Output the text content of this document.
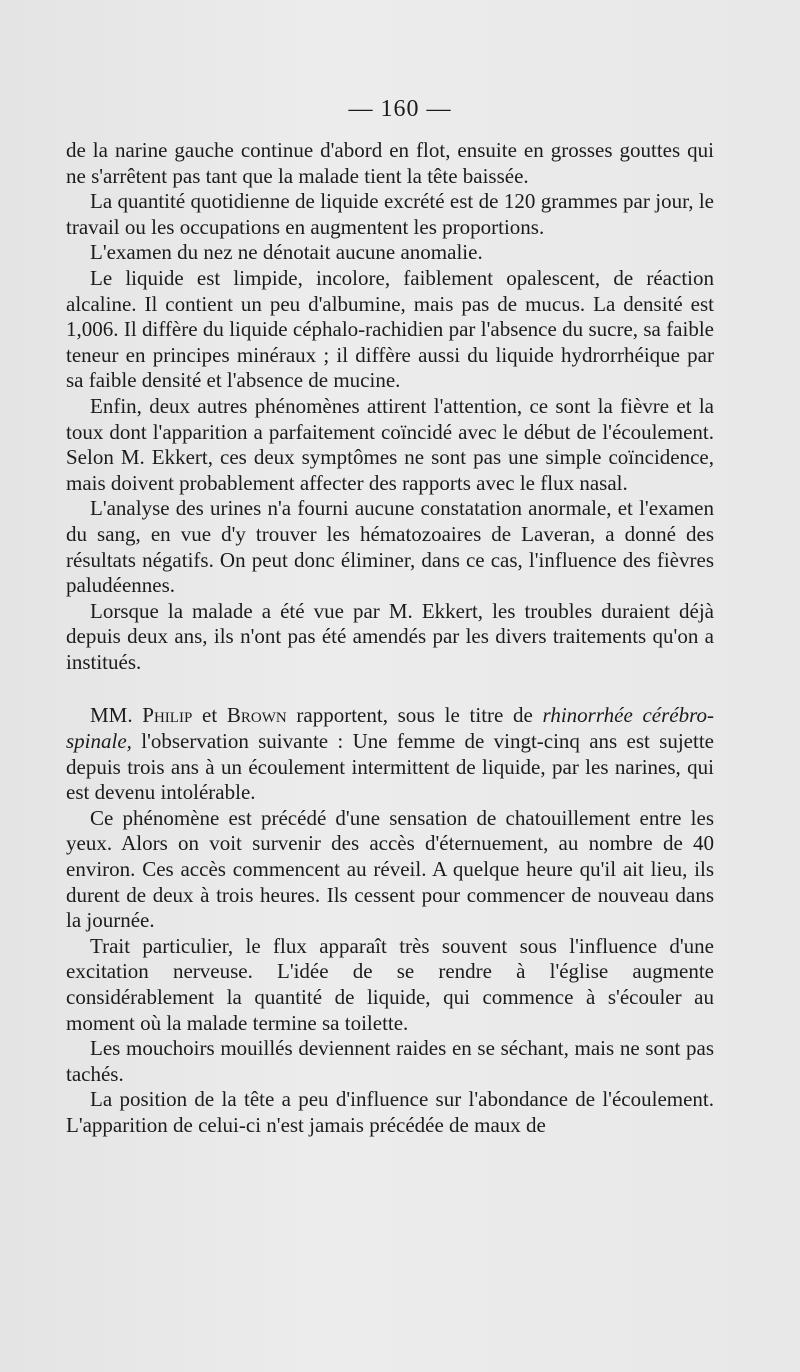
— 160 —

de la narine gauche continue d'abord en flot, ensuite en grosses gouttes qui ne s'arrêtent pas tant que la malade tient la tête baissée.

La quantité quotidienne de liquide excrété est de 120 grammes par jour, le travail ou les occupations en augmentent les proportions.

L'examen du nez ne dénotait aucune anomalie.

Le liquide est limpide, incolore, faiblement opalescent, de réaction alcaline. Il contient un peu d'albumine, mais pas de mucus. La densité est 1,006. Il diffère du liquide céphalo-rachidien par l'absence du sucre, sa faible teneur en principes minéraux ; il diffère aussi du liquide hydrorrhéique par sa faible densité et l'absence de mucine.

Enfin, deux autres phénomènes attirent l'attention, ce sont la fièvre et la toux dont l'apparition a parfaitement coïncidé avec le début de l'écoulement. Selon M. Ekkert, ces deux symptômes ne sont pas une simple coïncidence, mais doivent probablement affecter des rapports avec le flux nasal.

L'analyse des urines n'a fourni aucune constatation anormale, et l'examen du sang, en vue d'y trouver les hématozoaires de Laveran, a donné des résultats négatifs. On peut donc éliminer, dans ce cas, l'influence des fièvres paludéennes.

Lorsque la malade a été vue par M. Ekkert, les troubles duraient déjà depuis deux ans, ils n'ont pas été amendés par les divers traitements qu'on a institués.

MM. Philip et Brown rapportent, sous le titre de rhinorrhée cérébro-spinale, l'observation suivante : Une femme de vingt-cinq ans est sujette depuis trois ans à un écoulement intermittent de liquide, par les narines, qui est devenu intolérable.

Ce phénomène est précédé d'une sensation de chatouillement entre les yeux. Alors on voit survenir des accès d'éternuement, au nombre de 40 environ. Ces accès commencent au réveil. A quelque heure qu'il ait lieu, ils durent de deux à trois heures. Ils cessent pour commencer de nouveau dans la journée.

Trait particulier, le flux apparaît très souvent sous l'influence d'une excitation nerveuse. L'idée de se rendre à l'église augmente considérablement la quantité de liquide, qui commence à s'écouler au moment où la malade termine sa toilette.

Les mouchoirs mouillés deviennent raides en se séchant, mais ne sont pas tachés.

La position de la tête a peu d'influence sur l'abondance de l'écoulement. L'apparition de celui-ci n'est jamais précédée de maux de
